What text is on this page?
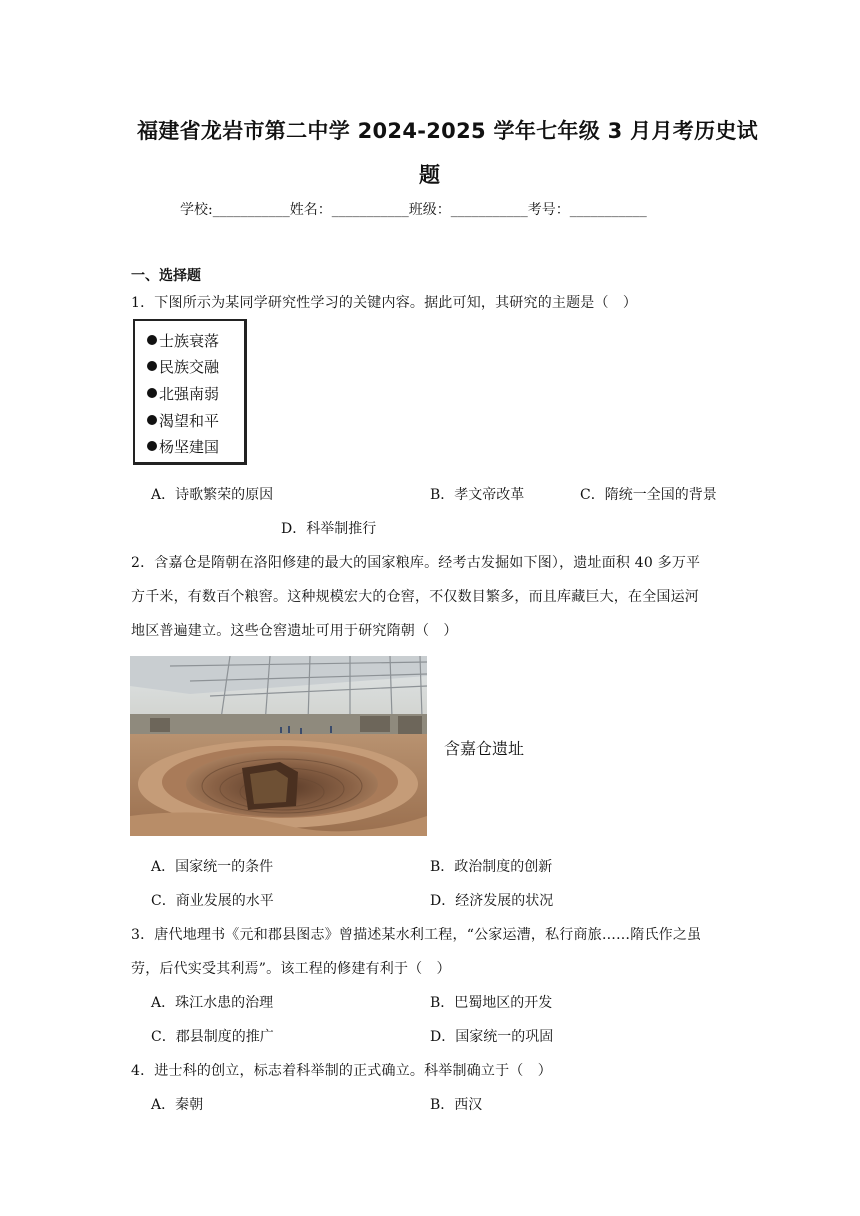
福建省龙岩市第二中学 2024-2025 学年七年级 3 月月考历史试
题
学校:___________姓名：___________班级：___________考号：___________
一、选择题
1．下图所示为某同学研究性学习的关键内容。据此可知，其研究的主题是（　）
士族衰落
民族交融
北强南弱
渴望和平
杨坚建国
A．诗歌繁荣的原因	B．孝文帝改革	C．隋统一全国的背景
D．科举制推行
2．含嘉仓是隋朝在洛阳修建的最大的国家粮库。经考古发掘如下图），遗址面积 40 多万平
方千米，有数百个粮窖。这种规模宏大的仓窖，不仅数目繁多，而且库藏巨大，在全国运河
地区普遍建立。这些仓窖遗址可用于研究隋朝（　）
含嘉仓遗址
A．国家统一的条件	B．政治制度的创新
C．商业发展的水平	D．经济发展的状况
3．唐代地理书《元和郡县图志》曾描述某水利工程，“公家运漕，私行商旅……隋氏作之虽
劳，后代实受其利焉”。该工程的修建有利于（　）
A．珠江水患的治理	B．巴蜀地区的开发
C．郡县制度的推广	D．国家统一的巩固
4．进士科的创立，标志着科举制的正式确立。科举制确立于（　）
A．秦朝	B．西汉
